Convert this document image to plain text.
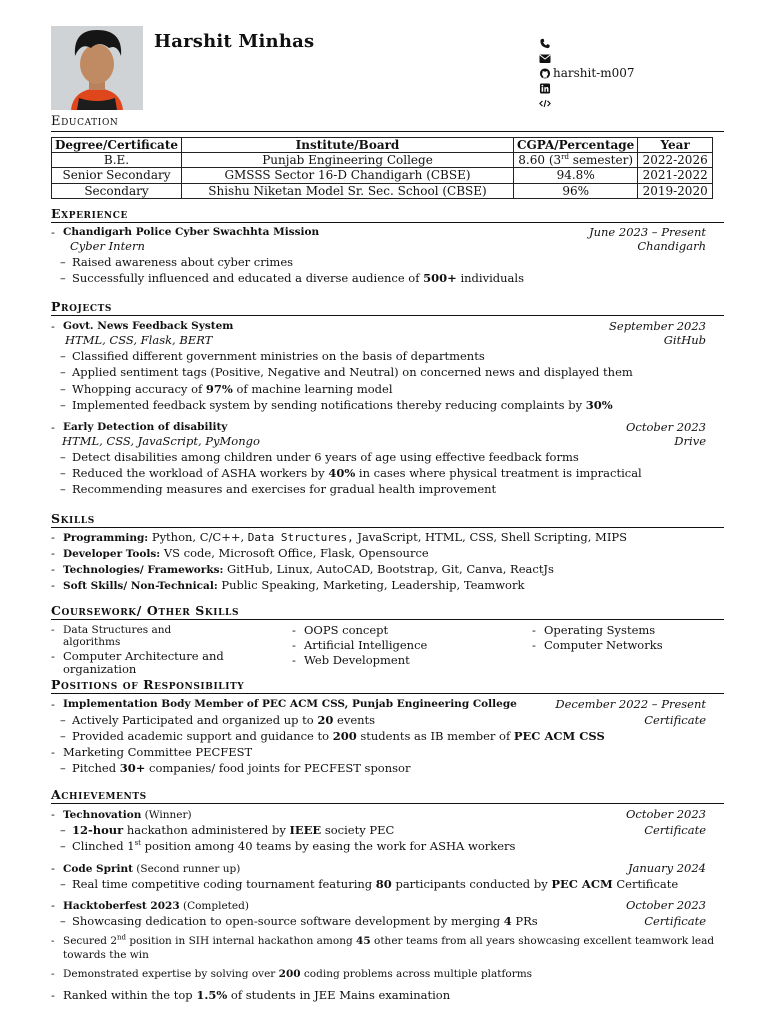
Harshit Minhas
harshit-m007
Education
Degree/Certificate	Institute/Board	CGPA/Percentage	Year
B.E.	Punjab Engineering College	8.60 (3rd semester)	2022-2026
Senior Secondary	GMSSS Sector 16-D Chandigarh (CBSE)	94.8%	2021-2022
Secondary	Shishu Niketan Model Sr. Sec. School (CBSE)	96%	2019-2020
Experience
- Chandigarh Police Cyber Swachhta Mission	June 2023 – Present
Cyber Intern	Chandigarh
– Raised awareness about cyber crimes
– Successfully influenced and educated a diverse audience of 500+ individuals
Projects
- Govt. News Feedback System	September 2023
HTML, CSS, Flask, BERT	GitHub
– Classified different government ministries on the basis of departments
– Applied sentiment tags (Positive, Negative and Neutral) on concerned news and displayed them
– Whopping accuracy of 97% of machine learning model
– Implemented feedback system by sending notifications thereby reducing complaints by 30%
- Early Detection of disability	October 2023
HTML, CSS, JavaScript, PyMongo	Drive
– Detect disabilities among children under 6 years of age using effective feedback forms
– Reduced the workload of ASHA workers by 40% in cases where physical treatment is impractical
– Recommending measures and exercises for gradual health improvement
Skills
- Programming: Python, C/C++, Data Structures, JavaScript, HTML, CSS, Shell Scripting, MIPS
- Developer Tools: VS code, Microsoft Office, Flask, Opensource
- Technologies/ Frameworks: GitHub, Linux, AutoCAD, Bootstrap, Git, Canva, ReactJs
- Soft Skills/ Non-Technical: Public Speaking, Marketing, Leadership, Teamwork
Coursework/ Other Skills
- Data Structures and algorithms
- Computer Architecture and organization
- OOPS concept
- Artificial Intelligence
- Web Development
- Operating Systems
- Computer Networks
Positions of Responsibility
- Implementation Body Member of PEC ACM CSS, Punjab Engineering College	December 2022 – Present
– Actively Participated and organized up to 20 events	Certificate
– Provided academic support and guidance to 200 students as IB member of PEC ACM CSS
- Marketing Committee PECFEST
– Pitched 30+ companies/ food joints for PECFEST sponsor
Achievements
- Technovation (Winner)	October 2023
– 12-hour hackathon administered by IEEE society PEC	Certificate
– Clinched 1st position among 40 teams by easing the work for ASHA workers
- Code Sprint (Second runner up)	January 2024
– Real time competitive coding tournament featuring 80 participants conducted by PEC ACM Certificate
- Hacktoberfest 2023 (Completed)	October 2023
– Showcasing dedication to open-source software development by merging 4 PRs	Certificate
- Secured 2nd position in SIH internal hackathon among 45 other teams from all years showcasing excellent teamwork lead
towards the win
- Demonstrated expertise by solving over 200 coding problems across multiple platforms
- Ranked within the top 1.5% of students in JEE Mains examination
